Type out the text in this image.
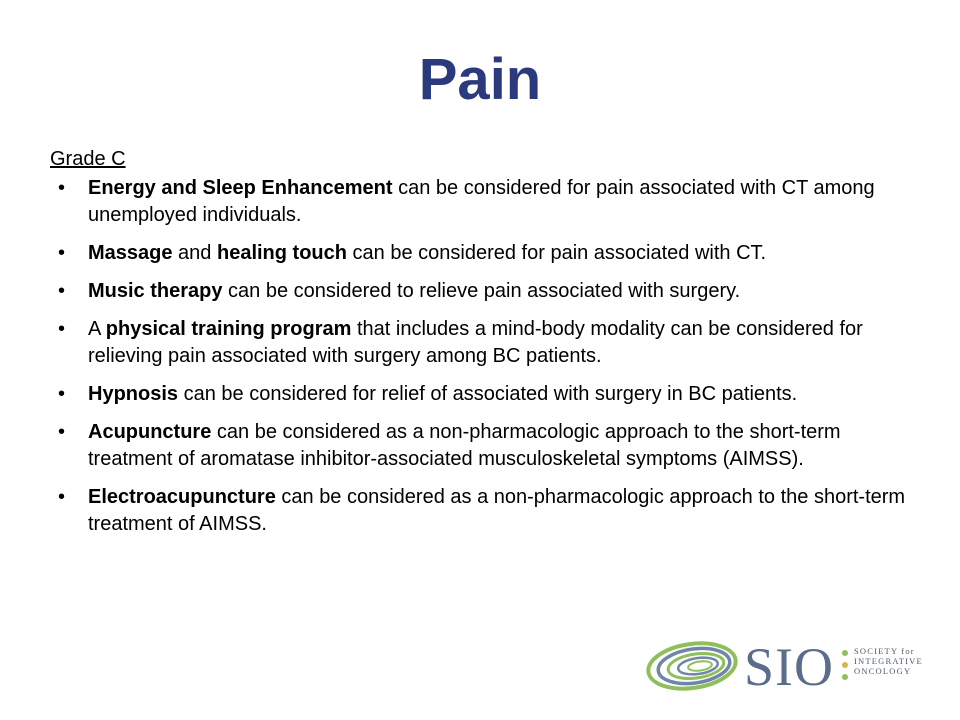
Pain
Grade C
• Energy and Sleep Enhancement can be considered for pain associated with CT among unemployed individuals.
• Massage and healing touch can be considered for pain associated with CT.
• Music therapy can be considered to relieve pain associated with surgery.
• A physical training program that includes a mind-body modality can be considered for relieving pain associated with surgery among BC patients.
• Hypnosis can be considered for relief of associated with surgery in BC patients.
• Acupuncture can be considered as a non-pharmacologic approach to the short-term treatment of aromatase inhibitor-associated musculoskeletal symptoms (AIMSS).
• Electroacupuncture can be considered as a non-pharmacologic approach to the short-term treatment of AIMSS.
SIO SOCIETY for
INTEGRATIVE
ONCOLOGY
